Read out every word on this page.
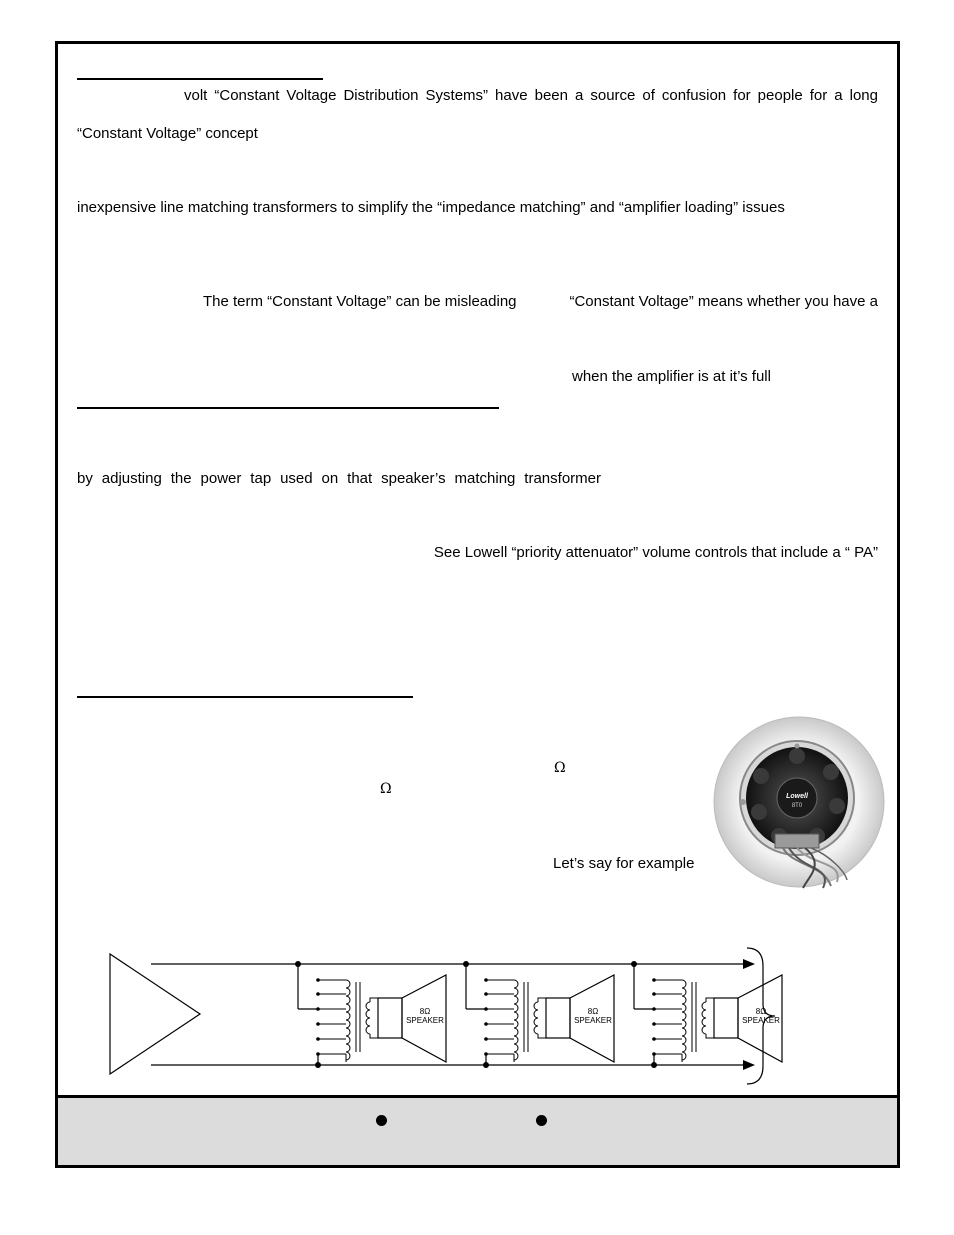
volt “Constant Voltage Distribution Systems” have been a source of confusion for people for a long
“Constant Voltage” concept
inexpensive line matching transformers to simplify the “impedance matching” and “amplifier loading” issues
The term “Constant Voltage” can be misleading	“Constant Voltage” means whether you have a
when the amplifier is at it’s full
by adjusting the power tap used on that speaker’s matching transformer
See Lowell “priority attenuator” volume controls that include a “ PA”
Ω
Ω
Let’s say for example
Lowell
8T0
8Ω
SPEAKER
8Ω
SPEAKER
8Ω
SPEAKER
